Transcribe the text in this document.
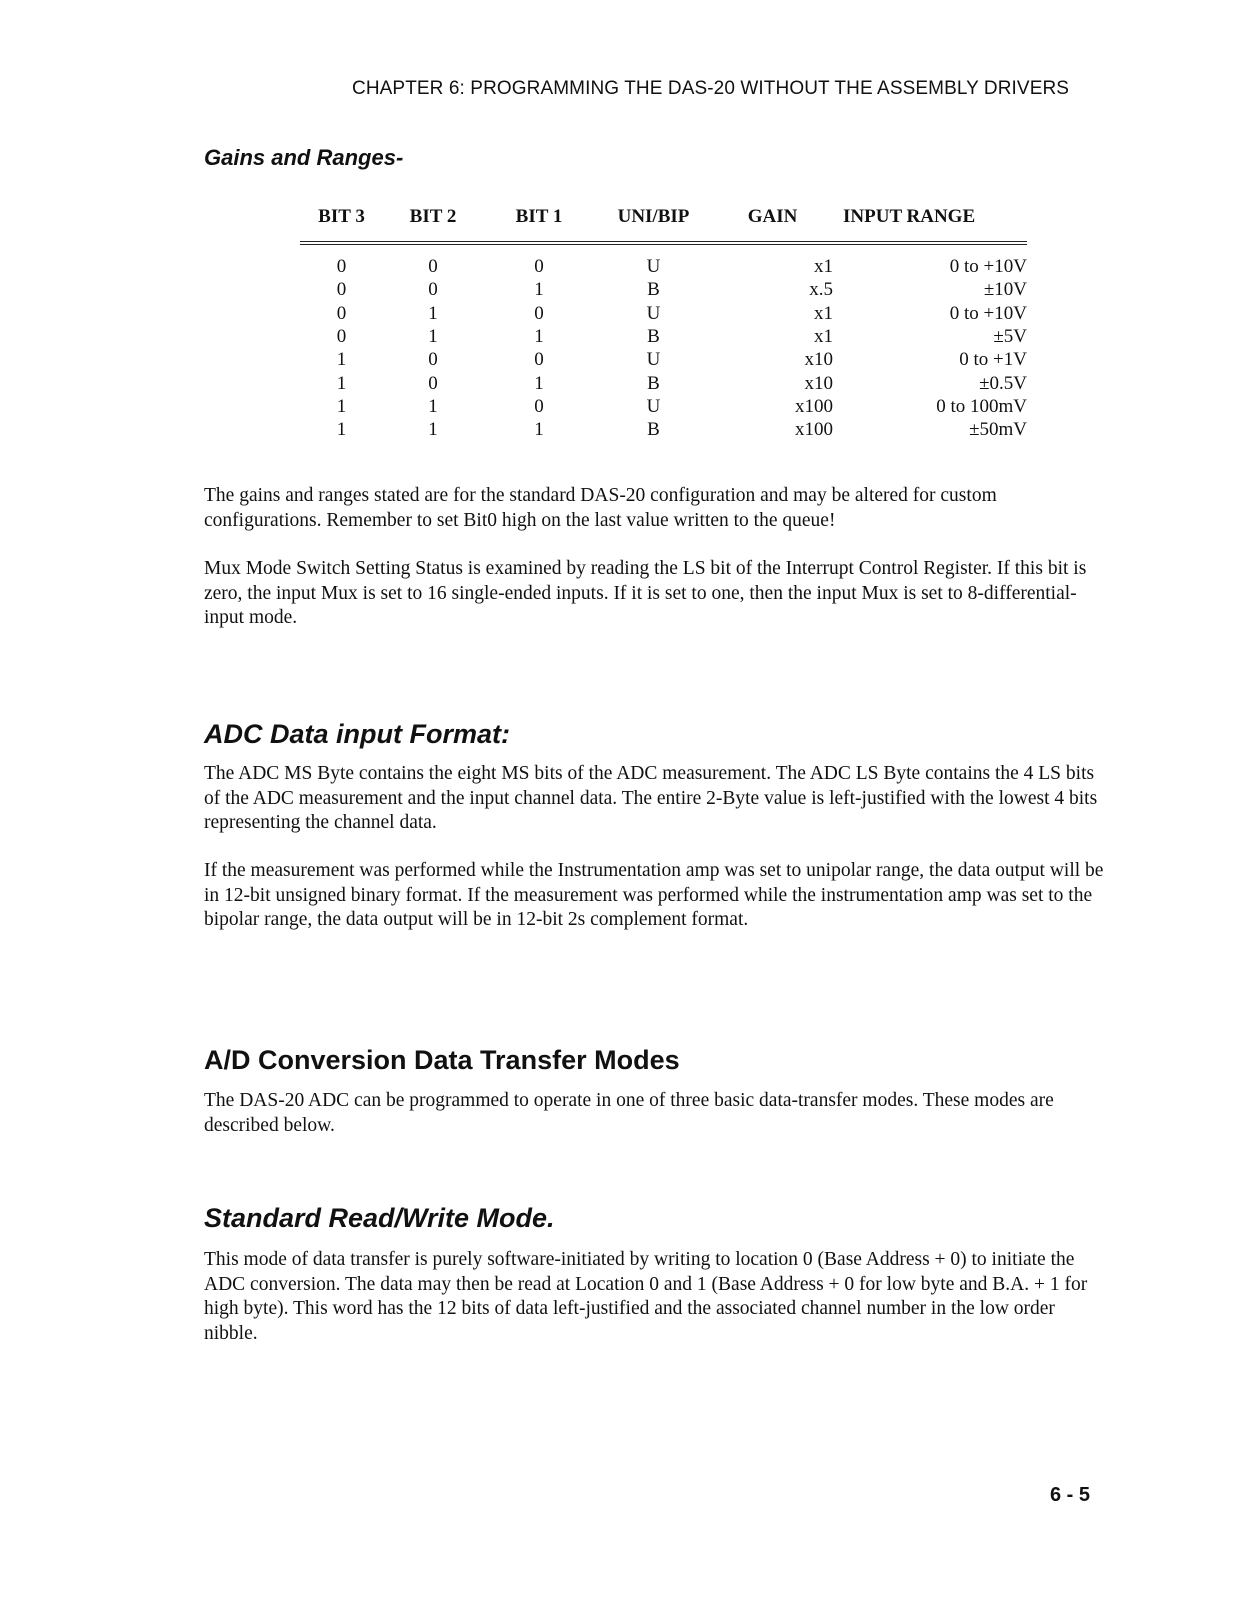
CHAPTER 6: PROGRAMMING THE DAS-20 WITHOUT THE ASSEMBLY DRIVERS
Gains and Ranges-
BIT 3	BIT 2	BIT 1	UNI/BIP	GAIN	INPUT RANGE
0	0	0	U	x1	0 to +10V
0	0	1	B	x.5	±10V
0	1	0	U	x1	0 to +10V
0	1	1	B	x1	±5V
1	0	0	U	x10	0 to +1V
1	0	1	B	x10	±0.5V
1	1	0	U	x100	0 to 100mV
1	1	1	B	x100	±50mV

The gains and ranges stated are for the standard DAS-20 configuration and may be altered for custom configurations. Remember to set Bit0 high on the last value written to the queue!

Mux Mode Switch Setting Status is examined by reading the LS bit of the Interrupt Control Register. If this bit is zero, the input Mux is set to 16 single-ended inputs. If it is set to one, then the input Mux is set to 8-differential-input mode.

ADC Data input Format:

The ADC MS Byte contains the eight MS bits of the ADC measurement. The ADC LS Byte contains the 4 LS bits of the ADC measurement and the input channel data. The entire 2-Byte value is left-justified with the lowest 4 bits representing the channel data.

If the measurement was performed while the Instrumentation amp was set to unipolar range, the data output will be in 12-bit unsigned binary format. If the measurement was performed while the instrumentation amp was set to the bipolar range, the data output will be in 12-bit 2s complement format.

A/D Conversion Data Transfer Modes

The DAS-20 ADC can be programmed to operate in one of three basic data-transfer modes. These modes are described below.

Standard Read/Write Mode.

This mode of data transfer is purely software-initiated by writing to location 0 (Base Address + 0) to initiate the ADC conversion. The data may then be read at Location 0 and 1 (Base Address + 0 for low byte and B.A. + 1 for high byte). This word has the 12 bits of data left-justified and the associated channel number in the low order nibble.

6 - 5
